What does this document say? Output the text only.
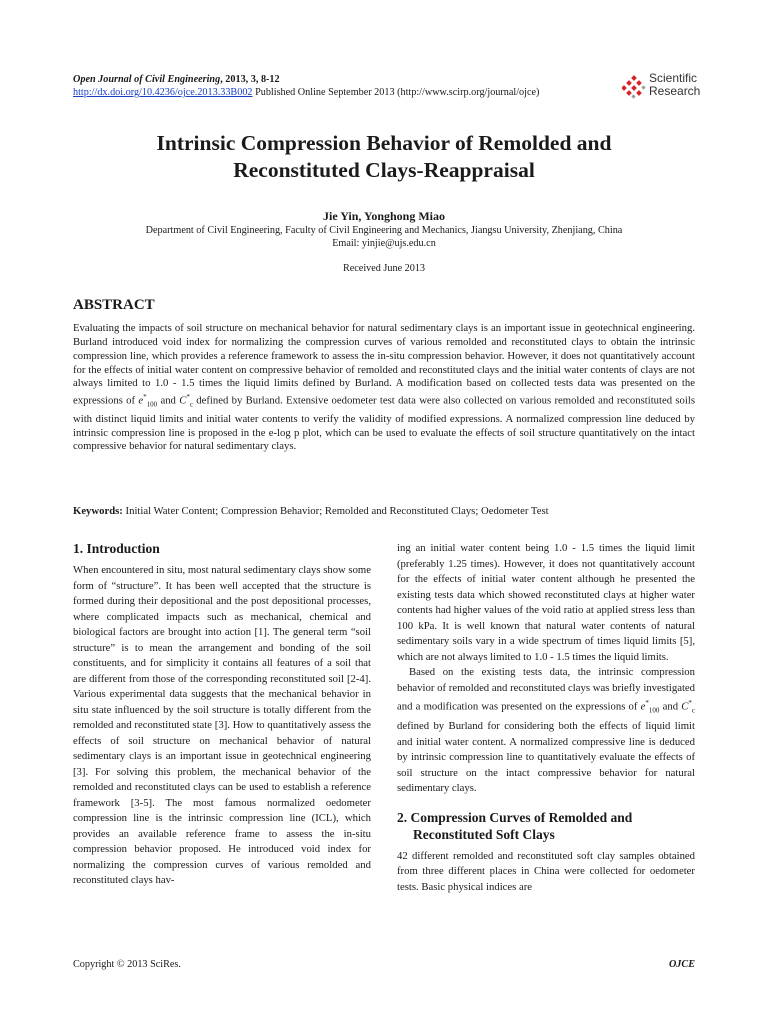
Open Journal of Civil Engineering, 2013, 3, 8-12
http://dx.doi.org/10.4236/ojce.2013.33B002 Published Online September 2013 (http://www.scirp.org/journal/ojce)
Scientific
Research
Intrinsic Compression Behavior of Remolded and
Reconstituted Clays-Reappraisal
Jie Yin, Yonghong Miao
Department of Civil Engineering, Faculty of Civil Engineering and Mechanics, Jiangsu University, Zhenjiang, China
Email: yinjie@ujs.edu.cn
Received June 2013
ABSTRACT

Evaluating the impacts of soil structure on mechanical behavior for natural sedimentary clays is an important issue in geotechnical engineering. Burland introduced void index for normalizing the compression curves of various remolded and reconstituted clays to obtain the intrinsic compression line, which provides a reference framework to assess the in-situ compression behavior. However, it does not quantitatively account for the effects of initial water content on compressive behavior of remolded and reconstituted clays and the initial water contents of clays are not always limited to 1.0 - 1.5 times the liquid limits defined by Burland. A modification based on collected tests data was presented on the expressions of $e^*_{100}$ and $C^*_c$ defined by Burland. Extensive oedometer test data were also collected on various remolded and reconstituted soils with distinct liquid limits and initial water contents to verify the validity of modified expressions. A normalized compression line deduced by intrinsic compression line is proposed in the e-log p plot, which can be used to evaluate the effects of soil structure quantitatively on the intact compressive behavior for natural sedimentary clays.

Keywords: Initial Water Content; Compression Behavior; Remolded and Reconstituted Clays; Oedometer Test

1. Introduction

When encountered in situ, most natural sedimentary clays show some form of “structure”. It has been well accepted that the structure is formed during their depositional and the post depositional processes, where complicated impacts such as mechanical, chemical and biological factors are brought into action [1]. The general term “soil structure” is to mean the arrangement and bonding of the soil constituents, and for simplicity it contains all features of a soil that are different from those of the corresponding reconstituted soil [2-4]. Various experimental data suggests that the mechanical behavior in situ state influenced by the soil structure is totally different from the remolded and reconstituted state [3]. How to quantitatively assess the effects of soil structure on mechanical behavior of natural sedimentary clays is an important issue in geotechnical engineering [3]. For solving this problem, the mechanical behavior of the remolded and reconstituted clays can be used to establish a reference framework [3-5]. The most famous normalized oedometer compression line is the intrinsic compression line (ICL), which provides an available reference frame to assess the in-situ compression behavior proposed. He introduced void index for normalizing the compression curves of various remolded and reconstituted clays hav-

ing an initial water content being 1.0 - 1.5 times the liquid limit (preferably 1.25 times). However, it does not quantitatively account for the effects of initial water content although he presented the existing tests data which showed reconstituted clays at higher water contents had higher values of the void ratio at applied stress less than 100 kPa. It is well known that natural water contents of natural sedimentary soils vary in a wide spectrum of times liquid limits [5], which are not always limited to 1.0 - 1.5 times the liquid limits.

Based on the existing tests data, the intrinsic compression behavior of remolded and reconstituted clays was briefly investigated and a modification was presented on the expressions of $e^*_{100}$ and $C^*_c$ defined by Burland for considering both the effects of liquid limit and initial water content. A normalized compressive line is deduced by intrinsic compression line to quantitatively evaluate the effects of soil structure on the intact compressive behavior for natural sedimentary clays.

2. Compression Curves of Remolded and
Reconstituted Soft Clays

42 different remolded and reconstituted soft clay samples obtained from three different places in China were collected for oedometer tests. Basic physical indices are

Copyright © 2013 SciRes.	OJCE
